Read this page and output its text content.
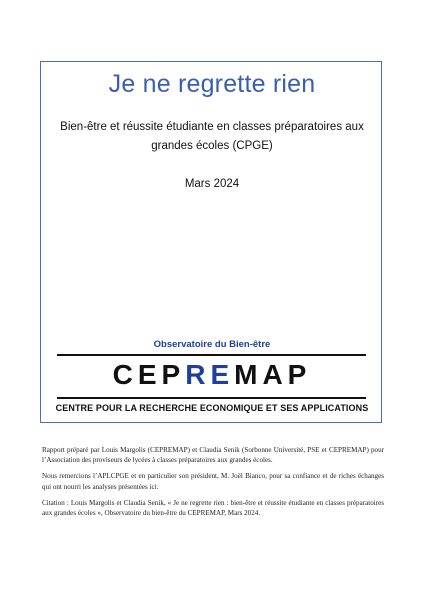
Je ne regrette rien
Bien-être et réussite étudiante en classes préparatoires aux grandes écoles (CPGE)
Mars 2024
Observatoire du Bien-être
CEPREMAP
CENTRE POUR LA RECHERCHE ECONOMIQUE ET SES APPLICATIONS

Rapport préparé par Louis Margolis (CEPREMAP) et Claudia Senik (Sorbonne Université, PSE et CEPREMAP) pour l’Association des proviseurs de lycées à classes préparatoires aux grandes écoles.

Nous remercions l’APLCPGE et en particulier son président, M. Joël Bianco, pour sa confiance et de riches échanges qui ont nourri les analyses présentées ici.

Citation : Louis Margolis et Claudia Senik, « Je ne regrette rien : bien-être et réussite étudiante en classes préparatoires aux grandes écoles », Observatoire du bien-être du CEPREMAP, Mars 2024.
